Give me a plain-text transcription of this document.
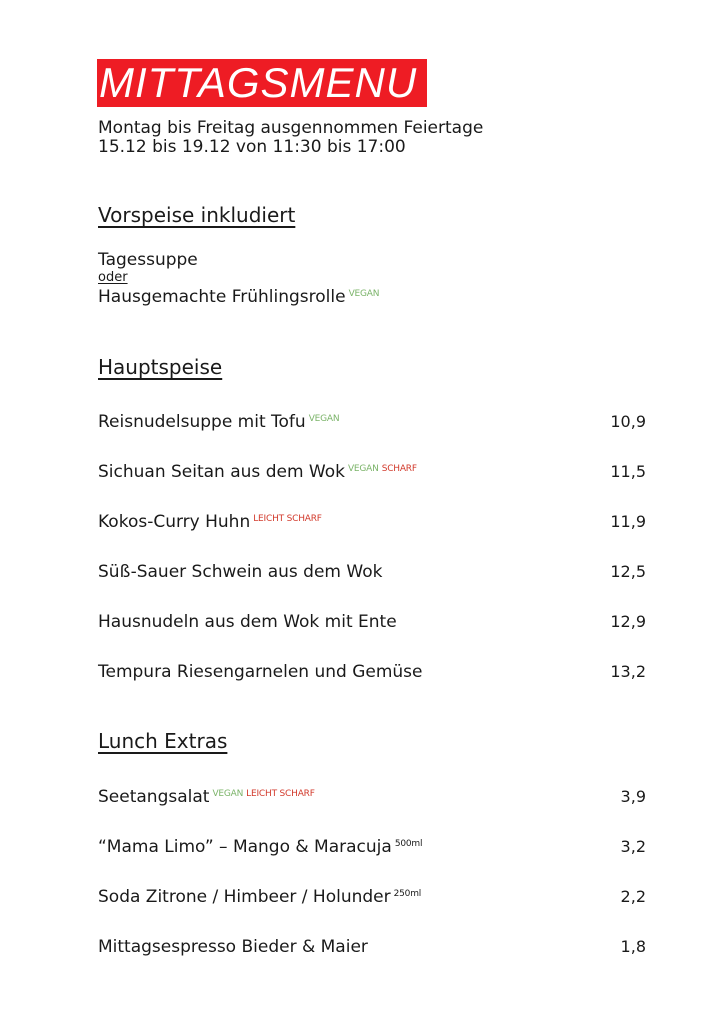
MITTAGSMENU
Montag bis Freitag ausgennommen Feiertage
15.12 bis 19.12 von 11:30 bis 17:00
Vorspeise inkludiert
Tagessuppe
oder
Hausgemachte Frühlingsrolle $^{VEGAN}$
Hauptspeise
Reisnudelsuppe mit Tofu $^{VEGAN}$	10,9
Sichuan Seitan aus dem Wok $^{VEGAN}$ $^{SCHARF}$	11,5
Kokos-Curry Huhn $^{LEICHT SCHARF}$	11,9
Süß-Sauer Schwein aus dem Wok	12,5
Hausnudeln aus dem Wok mit Ente	12,9
Tempura Riesengarnelen und Gemüse	13,2
Lunch Extras
Seetangsalat $^{VEGAN}$ $^{LEICHT SCHARF}$	3,9
“Mama Limo” – Mango & Maracuja $^{500ml}$	3,2
Soda Zitrone / Himbeer / Holunder $^{250ml}$	2,2
Mittagsespresso Bieder & Maier	1,8
